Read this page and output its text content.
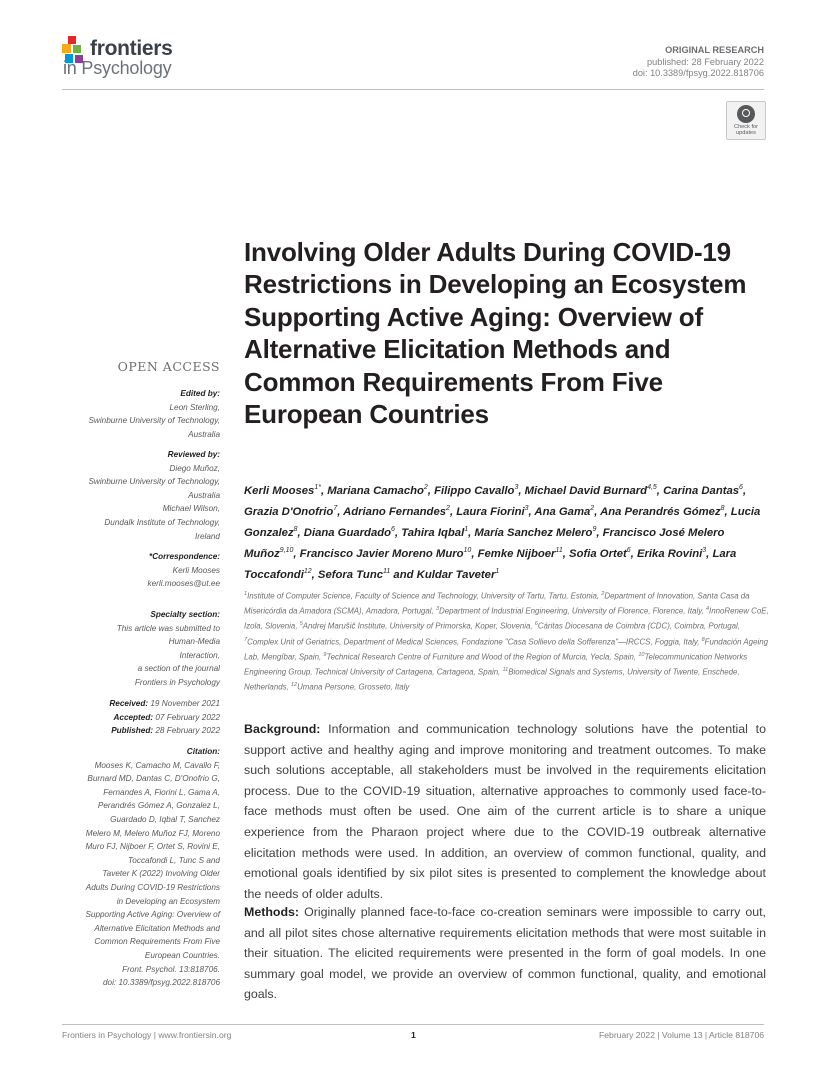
frontiers
in Psychology
ORIGINAL RESEARCH
published: 28 February 2022
doi: 10.3389/fpsyg.2022.818706
Check for
updates
OPEN ACCESS
Edited by:
Leon Sterling,
Swinburne University of Technology,
Australia
Reviewed by:
Diego Muñoz,
Swinburne University of Technology,
Australia
Michael Wilson,
Dundalk Institute of Technology,
Ireland
*Correspondence:
Kerli Mooses
kerli.mooses@ut.ee
Specialty section:
This article was submitted to
Human-Media
Interaction,
a section of the journal
Frontiers in Psychology
Received: 19 November 2021
Accepted: 07 February 2022
Published: 28 February 2022
Citation:
Mooses K, Camacho M, Cavallo F,
Burnard MD, Dantas C, D'Onofrio G,
Fernandes A, Fiorini L, Gama A,
Perandrés Gómez A, Gonzalez L,
Guardado D, Iqbal T, Sanchez
Melero M, Melero Muñoz FJ, Moreno
Muro FJ, Nijboer F, Ortet S, Rovini E,
Toccafondi L, Tunc S and
Taveter K (2022) Involving Older
Adults During COVID-19 Restrictions
in Developing an Ecosystem
Supporting Active Aging: Overview of
Alternative Elicitation Methods and
Common Requirements From Five
European Countries.
Front. Psychol. 13:818706.
doi: 10.3389/fpsyg.2022.818706
Involving Older Adults During COVID-19 Restrictions in Developing an Ecosystem Supporting Active Aging: Overview of Alternative Elicitation Methods and Common Requirements From Five European Countries
Kerli Mooses$^{1*}$, Mariana Camacho$^2$, Filippo Cavallo$^3$, Michael David Burnard$^{4,5}$, Carina Dantas$^6$, Grazia D'Onofrio$^7$, Adriano Fernandes$^2$, Laura Fiorini$^3$, Ana Gama$^2$, Ana Perandrés Gómez$^8$, Lucia Gonzalez$^8$, Diana Guardado$^6$, Tahira Iqbal$^1$, María Sanchez Melero$^9$, Francisco José Melero Muñoz$^{9,10}$, Francisco Javier Moreno Muro$^{10}$, Femke Nijboer$^{11}$, Sofia Ortet$^6$, Erika Rovini$^3$, Lara Toccafondi$^{12}$, Sefora Tunc$^{11}$ and Kuldar Taveter$^1$
$^1$Institute of Computer Science, Faculty of Science and Technology, University of Tartu, Tartu, Estonia, $^2$Department of Innovation, Santa Casa da Misericórdia da Amadora (SCMA), Amadora, Portugal, $^3$Department of Industrial Engineering, University of Florence, Florence, Italy, $^4$InnoRenew CoE, Izola, Slovenia, $^5$Andrej Marušič Institute, University of Primorska, Koper, Slovenia, $^6$Cáritas Diocesana de Coimbra (CDC), Coimbra, Portugal, $^7$Complex Unit of Geriatrics, Department of Medical Sciences, Fondazione "Casa Sollievo della Sofferenza"—IRCCS, Foggia, Italy, $^8$Fundación Ageing Lab, Mengíbar, Spain, $^9$Technical Research Centre of Furniture and Wood of the Region of Murcia, Yecla, Spain, $^{10}$Telecommunication Networks Engineering Group, Technical University of Cartagena, Cartagena, Spain, $^{11}$Biomedical Signals and Systems, University of Twente, Enschede, Netherlands, $^{12}$Umana Persone, Grosseto, Italy
Background: Information and communication technology solutions have the potential to support active and healthy aging and improve monitoring and treatment outcomes. To make such solutions acceptable, all stakeholders must be involved in the requirements elicitation process. Due to the COVID-19 situation, alternative approaches to commonly used face-to-face methods must often be used. One aim of the current article is to share a unique experience from the Pharaon project where due to the COVID-19 outbreak alternative elicitation methods were used. In addition, an overview of common functional, quality, and emotional goals identified by six pilot sites is presented to complement the knowledge about the needs of older adults.
Methods: Originally planned face-to-face co-creation seminars were impossible to carry out, and all pilot sites chose alternative requirements elicitation methods that were most suitable in their situation. The elicited requirements were presented in the form of goal models. In one summary goal model, we provide an overview of common functional, quality, and emotional goals.
Frontiers in Psychology | www.frontiersin.org	1	February 2022 | Volume 13 | Article 818706
